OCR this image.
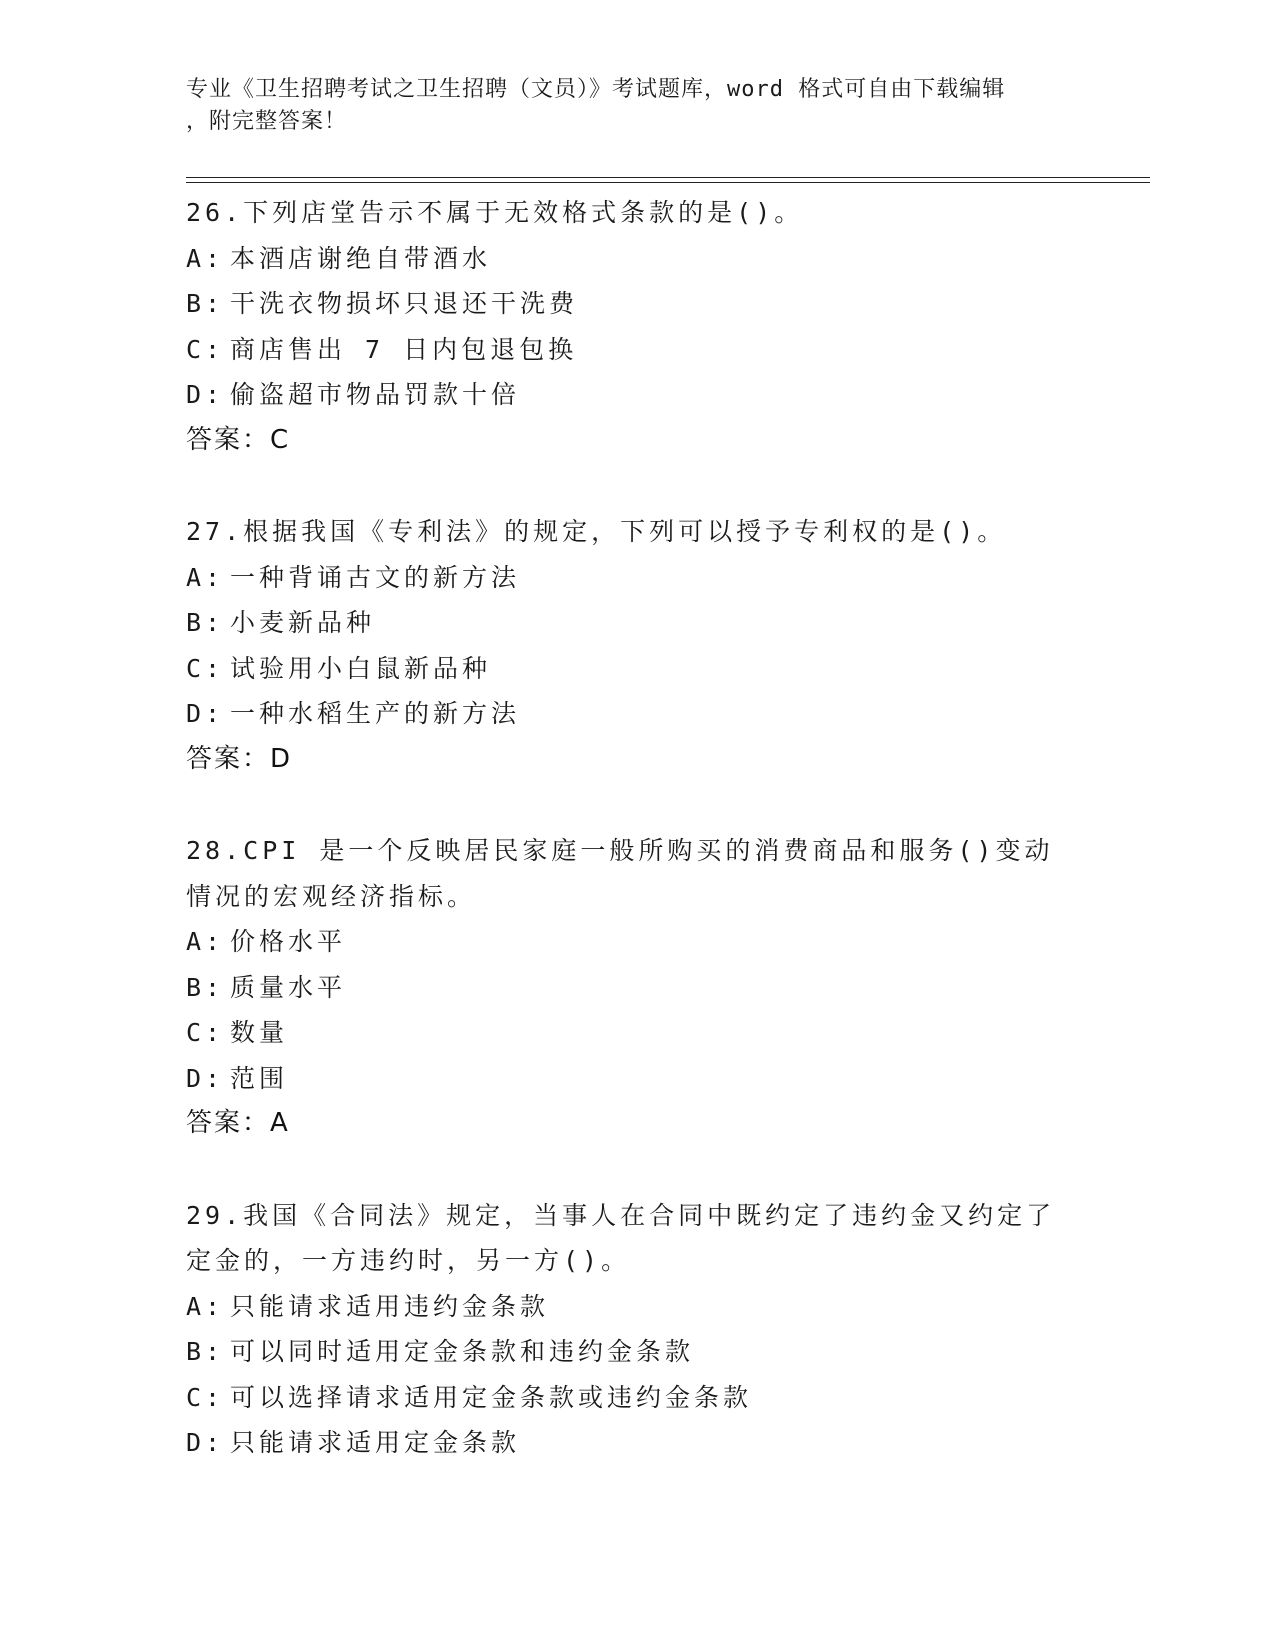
专业《卫生招聘考试之卫生招聘（文员）》考试题库，word 格式可自由下载编辑
，附完整答案！

26.下列店堂告示不属于无效格式条款的是()。

A: 本酒店谢绝自带酒水

B: 干洗衣物损坏只退还干洗费

C: 商店售出 7 日内包退包换

D: 偷盗超市物品罚款十倍

答案：C

27.根据我国《专利法》的规定，下列可以授予专利权的是()。

A: 一种背诵古文的新方法

B: 小麦新品种

C: 试验用小白鼠新品种

D: 一种水稻生产的新方法

答案：D

28.CPI 是一个反映居民家庭一般所购买的消费商品和服务()变动情况的宏观经济指标。

A: 价格水平

B: 质量水平

C: 数量

D: 范围

答案：A

29.我国《合同法》规定，当事人在合同中既约定了违约金又约定了定金的，一方违约时，另一方()。

A: 只能请求适用违约金条款

B: 可以同时适用定金条款和违约金条款

C: 可以选择请求适用定金条款或违约金条款

D: 只能请求适用定金条款
